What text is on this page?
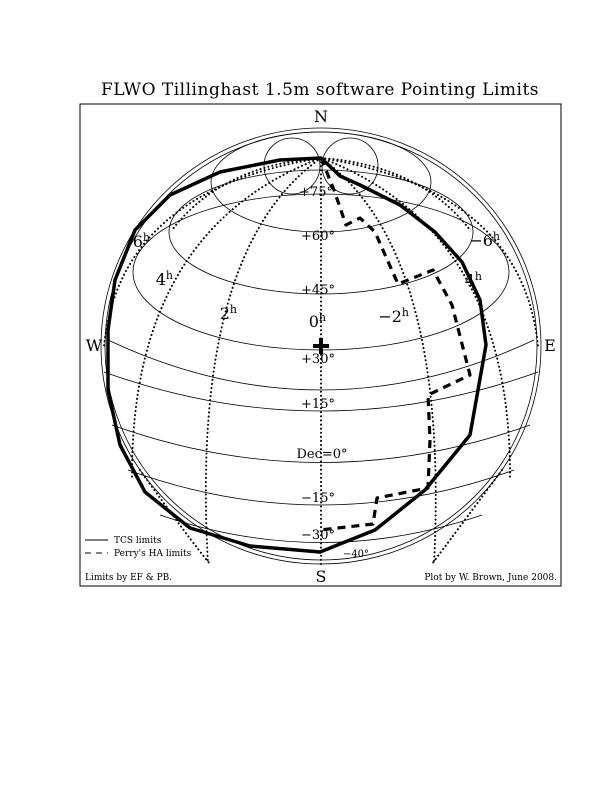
FLWO Tillinghast 1.5m software Pointing Limits
N
S
E
W
+75°
+60°
+45°
+30°
+15°
Dec=0°
−15°
−30°
−40°
0$^h$
2$^h$
4$^h$
$6^h$
$-2^h$
$4^h$
$-6^h$
TCS limits
Perry's HA limits
Limits by EF & PB.	Plot by W. Brown, June 2008.
